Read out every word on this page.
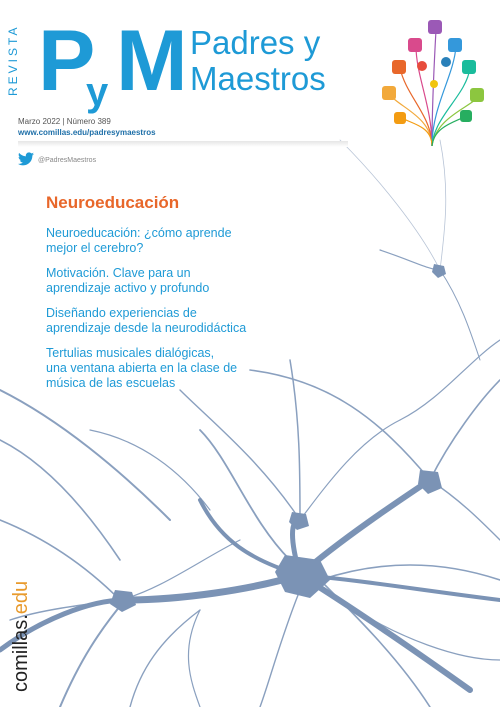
REVISTA P
y M Padres y
Maestros
Marzo 2022 | Número 389
www.comillas.edu/padresymaestros
@PadresMaestros
Neuroeducación
Neuroeducación: ¿cómo aprende
mejor el cerebro?
Motivación. Clave para un
aprendizaje activo y profundo
Diseñando experiencias de
aprendizaje desde la neurodidáctica
Tertulias musicales dialógicas,
una ventana abierta en la clase de
música de las escuelas
comillas.edu
